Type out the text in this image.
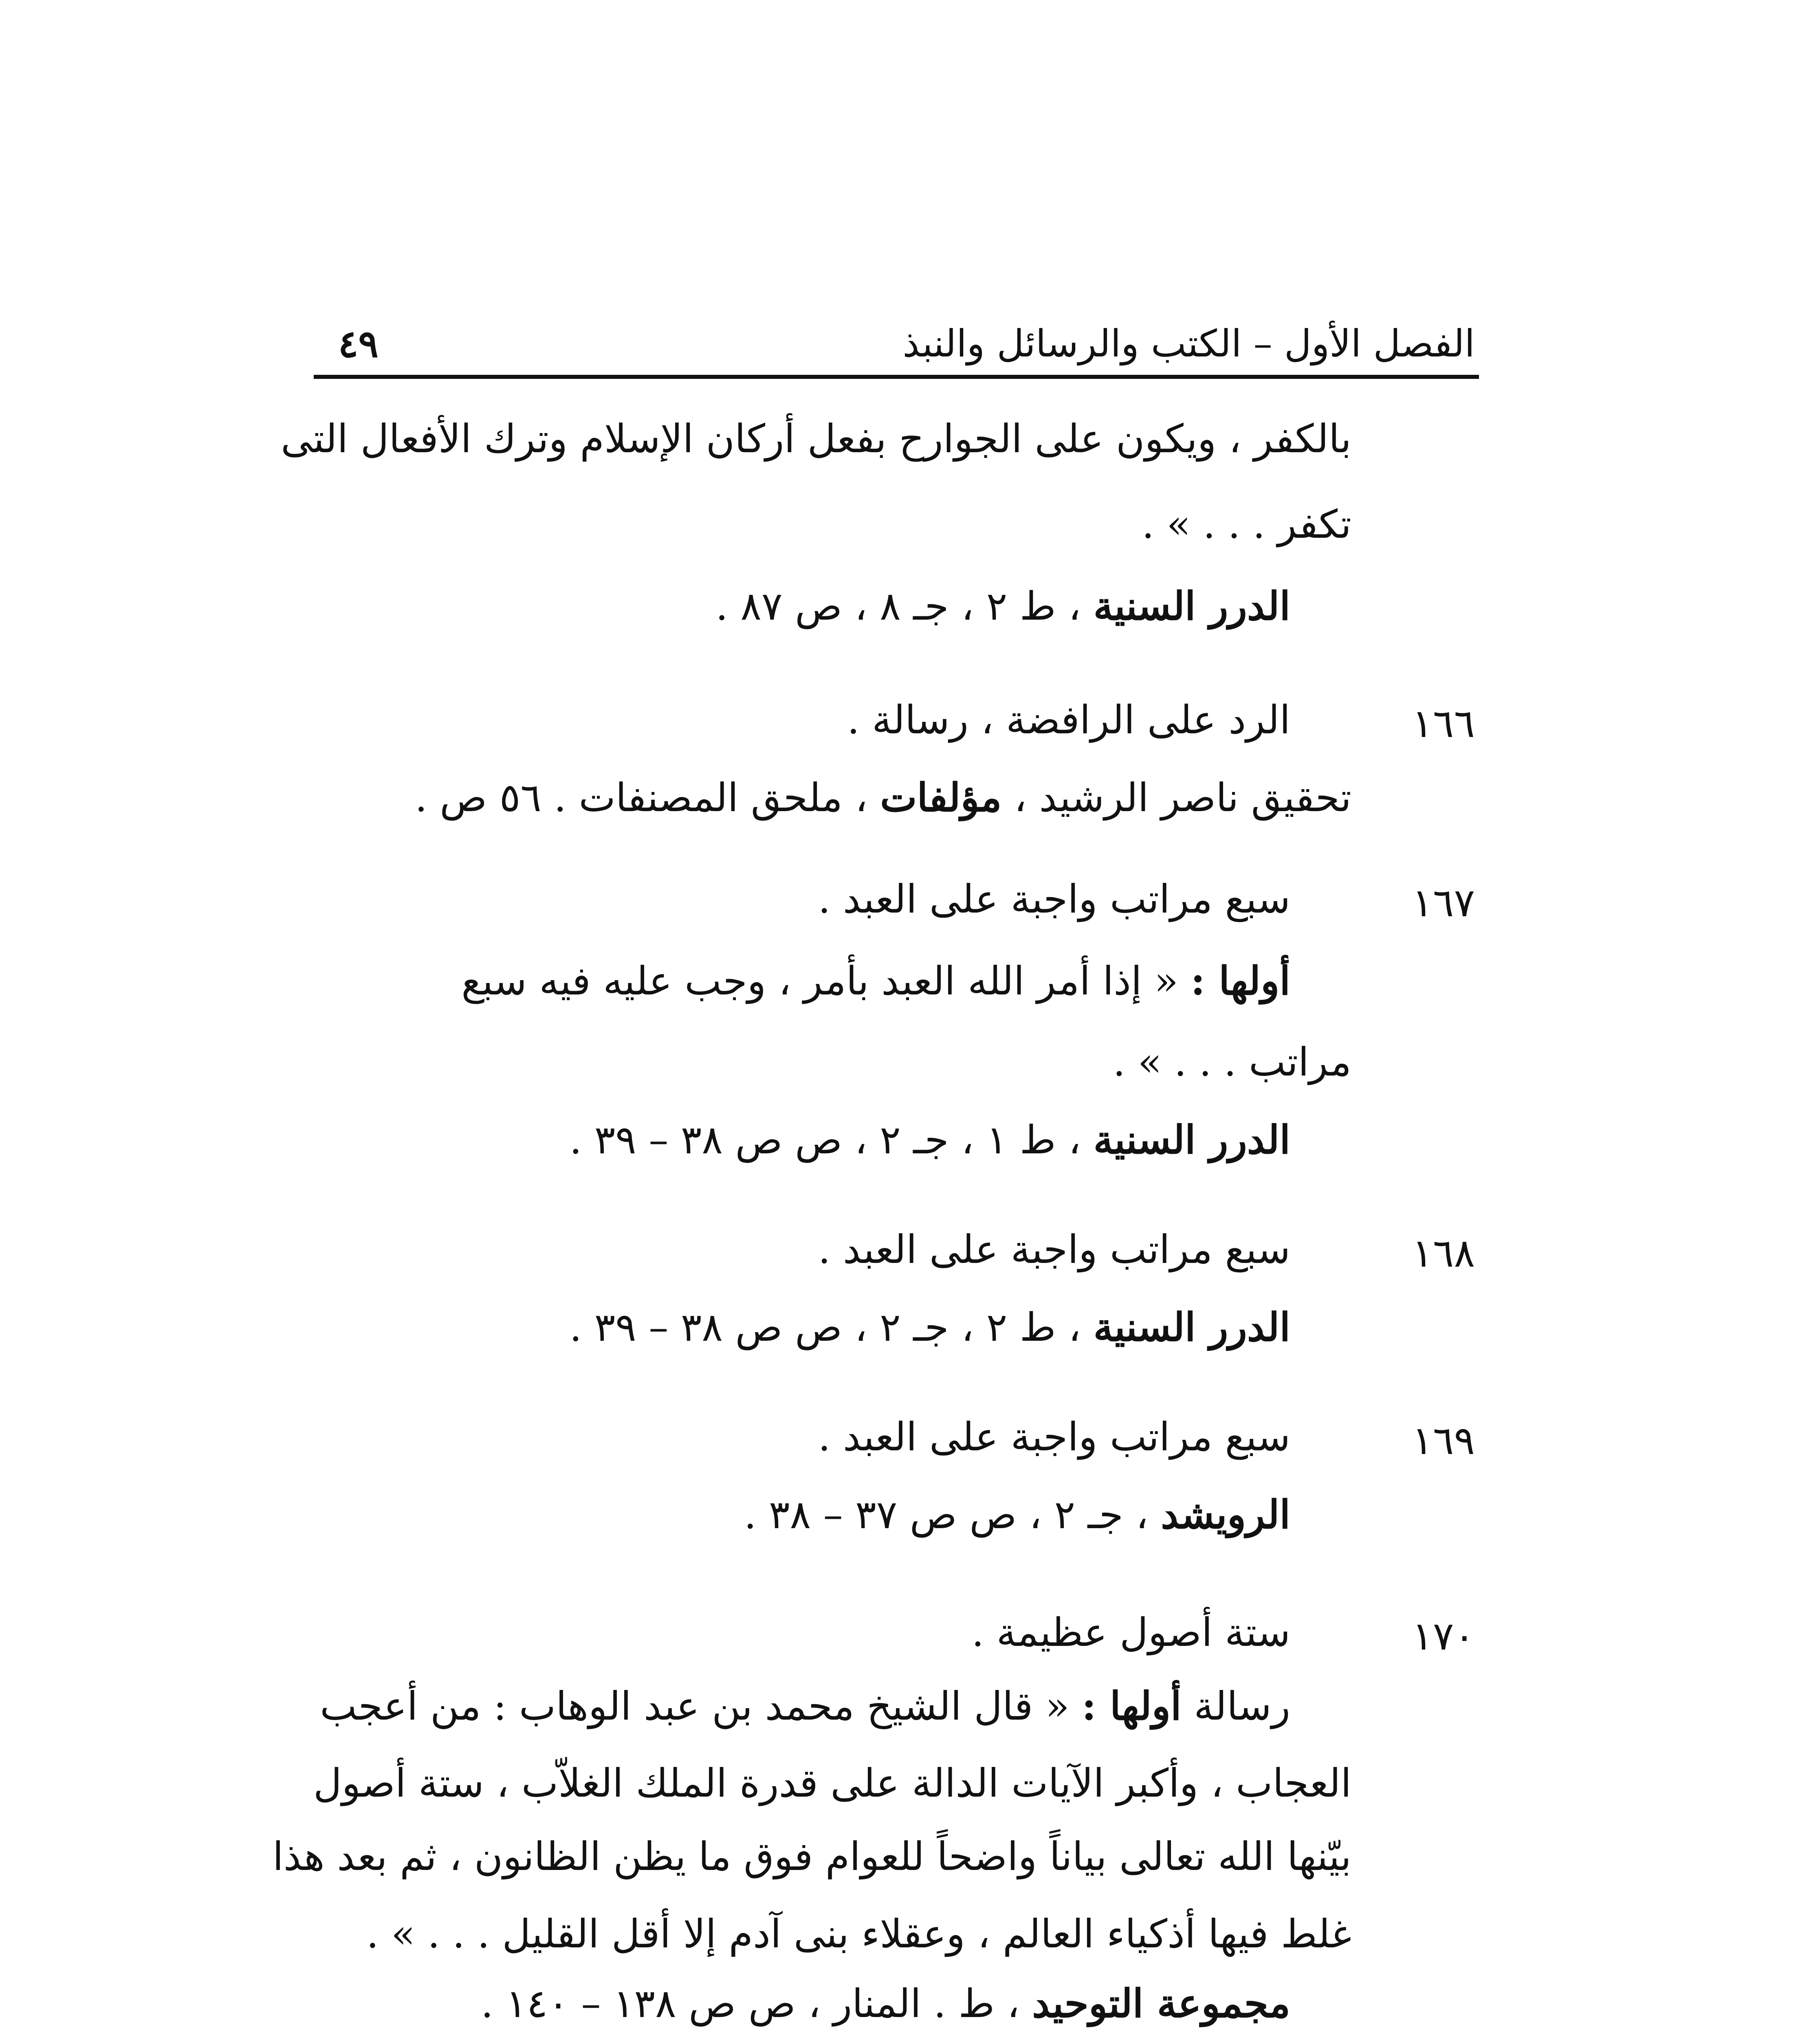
الفصل الأول – الكتب والرسائل والنبذ
٤٩
بالكفر ، ويكون على الجوارح بفعل أركان الإسلام وترك الأفعال التى
تكفر . . . » .
الدرر السنية ، ط ٢ ، جـ ٨ ، ص ٨٧ .
١٦٦
الرد على الرافضة ، رسالة .
تحقيق ناصر الرشيد ، مؤلفات ، ملحق المصنفات . ٥٦ ص .
١٦٧
سبع مراتب واجبة على العبد .
أولها : « إذا أمر الله العبد بأمر ، وجب عليه فيه سبع
مراتب . . . » .
الدرر السنية ، ط ١ ، جـ ٢ ، ص ص ٣٨ – ٣٩ .
١٦٨
سبع مراتب واجبة على العبد .
الدرر السنية ، ط ٢ ، جـ ٢ ، ص ص ٣٨ – ٣٩ .
١٦٩
سبع مراتب واجبة على العبد .
الرويشد ، جـ ٢ ، ص ص ٣٧ – ٣٨ .
١٧٠
ستة أصول عظيمة .
رسالة أولها : « قال الشيخ محمد بن عبد الوهاب : من أعجب
العجاب ، وأكبر الآيات الدالة على قدرة الملك الغلاّب ، ستة أصول
بيّنها الله تعالى بياناً واضحاً للعوام فوق ما يظن الظانون ، ثم بعد هذا
غلط فيها أذكياء العالم ، وعقلاء بنى آدم إلا أقل القليل . . . » .
مجموعة التوحيد ، ط . المنار ، ص ص ١٣٨ – ١٤٠ .
